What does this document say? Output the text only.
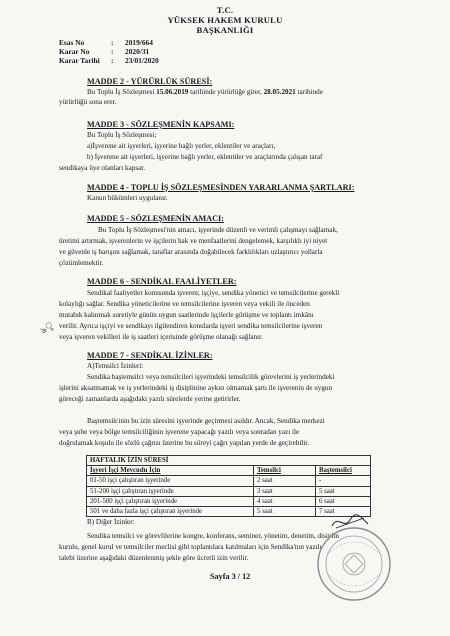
T.C.
YÜKSEK HAKEM KURULU
BAŞKANLIĞI
Esas No	:	2019/664
Karar No	:	2020/31
Karar Tarihi	:	23/01/2020
MADDE 2 - YÜRÜRLÜK SÜRESİ:
Bu Toplu İş Sözleşmesi 15.06.2019 tarihinde yürürlüğe girer, 28.05.2021 tarihinde
yürürlüğü sona erer.
MADDE 3 - SÖZLEŞMENİN KAPSAMI:
Bu Toplu İş Sözleşmesi;
a)İşverene ait işyerleri, işyerine bağlı yerler, eklentiler ve araçları,
b) İşverene ait işyerleri, işyerine bağlı yerler, eklentiler ve araçlarında çalışan taraf
sendikaya üye olanları kapsar.
MADDE 4 - TOPLU İŞ SÖZLEŞMESİNDEN YARARLANMA ŞARTLARI:
Kanun hükümleri uygulanır.
MADDE 5 - SÖZLEŞMENİN AMACI:
Bu Toplu İş Sözleşmesi'nin amacı, işyerinde düzenli ve verimli çalışmayı sağlamak,
üretimi artırmak, işverenlerin ve işçilerin hak ve menfaatlerini dengelemek, karşılıklı iyi niyet
ve güvenle iş barışını sağlamak, taraflar arasında doğabilecek farklılıkları uzlaştırıcı yollarla
çözümlemektir.
MADDE 6 - SENDİKAL FAALİYETLER:
Sendikal faaliyetler konusunda işveren; işçiye, sendika yönetici ve temsilcilerine gerekli
kolaylığı sağlar. Sendika yöneticilerine ve temsilcilerine işveren veya vekili ile önceden
mutabık kalınmak suretiyle günün uygun saatlerinde işçilerle görüşme ve toplantı imkânı
verilir. Ayrıca işçiyi ve sendikayı ilgilendiren konularda işyeri sendika temsilcilerine işveren
veya işveren vekilleri ile iş saatleri içerisinde görüşme olanağı sağlanır.
ঌৢ
MADDE 7 - SENDİKAL İZİNLER:
A)Temsilci İzinleri:
Sendika baştemsilci veya temsilcileri işyerindeki temsilcilik görevlerini iş yerlerindeki
işlerini aksatmamak ve iş yerlerindeki iş disiplinine aykırı olmamak şartı ile işverenin de uygun
göreceği zamanlarda aşağıdaki yazılı sürelerde yerine getirirler.
Baştemsilcinin bu izin süresini işyerinde geçirmesi asıldır. Ancak, Sendika merkezi
veya şube veya bölge temsilciliğinin işverene yapacağı yazılı veya sonradan yazı ile
doğrulamak koşulu ile sözlü çağrısı üzerine bu süreyi çağrı yapılan yerde de geçirebilir.
HAFTALIK İZİN SÜRESİ		
İşyeri İşçi Mevcudu İçin	Temsilci	Baştemsilci
01-50 işçi çalıştıran işyerinde	2 saat	-
51-200 işçi çalıştıran işyerinde	3 saat	5 saat
201-500 işçi çalıştıran işyerinde	4 saat	6 saat
501 ve daha fazla işçi çalıştıran işyerinde	5 saat	7 saat
B) Diğer İzinler:
Sendika temsilci ve görevlilerine kongre, konferans, seminer, yönetim, denetim, disiplin
kurulu, genel kurul ve temsilciler meclisi gibi toplantılara katılmaları için Sendika'nın yazılı
talebi üzerine aşağıdaki düzenlenmiş şekle göre ücretli izin verilir.
Sayfa 3 / 12
